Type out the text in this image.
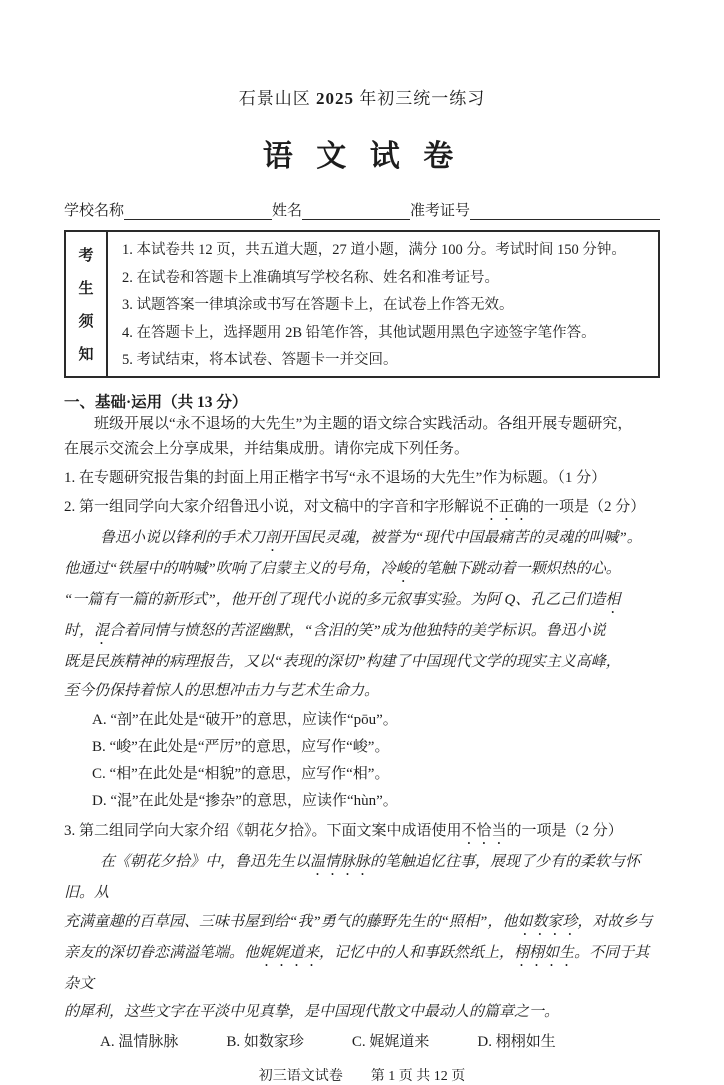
石景山区 2025 年初三统一练习
语 文 试 卷
学校名称	姓名	准考证号
考
生
须
知
1. 本试卷共 12 页，共五道大题，27 道小题，满分 100 分。考试时间 150 分钟。
2. 在试卷和答题卡上准确填写学校名称、姓名和准考证号。
3. 试题答案一律填涂或书写在答题卡上，在试卷上作答无效。
4. 在答题卡上，选择题用 2B 铅笔作答，其他试题用黑色字迹签字笔作答。
5. 考试结束，将本试卷、答题卡一并交回。
一、基础·运用（共 13 分）
班级开展以“永不退场的大先生”为主题的语文综合实践活动。各组开展专题研究，
在展示交流会上分享成果，并结集成册。请你完成下列任务。
1. 在专题研究报告集的封面上用正楷字书写“永不退场的大先生”作为标题。（1 分）
2. 第一组同学向大家介绍鲁迅小说，对文稿中的字音和字形解说不正确的一项是（2 分）
鲁迅小说以锋利的手术刀剖开国民灵魂，被誉为“现代中国最痛苦的灵魂的叫喊”。
他通过“铁屋中的呐喊”吹响了启蒙主义的号角，冷峻的笔触下跳动着一颗炽热的心。
“一篇有一篇的新形式”，他开创了现代小说的多元叙事实验。为阿 Q、孔乙己们造相
时，混合着同情与愤怒的苦涩幽默，“含泪的笑”成为他独特的美学标识。鲁迅小说
既是民族精神的病理报告，又以“表现的深切”构建了中国现代文学的现实主义高峰，
至今仍保持着惊人的思想冲击力与艺术生命力。
A. “剖”在此处是“破开”的意思，应读作“pōu”。
B. “峻”在此处是“严厉”的意思，应写作“峻”。
C. “相”在此处是“相貌”的意思，应写作“相”。
D. “混”在此处是“掺杂”的意思，应读作“hùn”。
3. 第二组同学向大家介绍《朝花夕拾》。下面文案中成语使用不恰当的一项是（2 分）
在《朝花夕拾》中，鲁迅先生以温情脉脉的笔触追忆往事，展现了少有的柔软与怀旧。从
充满童趣的百草园、三味书屋到给“我”勇气的藤野先生的“照相”，他如数家珍，对故乡与
亲友的深切眷恋满溢笔端。他娓娓道来，记忆中的人和事跃然纸上，栩栩如生。不同于其杂文
的犀利，这些文字在平淡中见真挚，是中国现代散文中最动人的篇章之一。
A. 温情脉脉	B. 如数家珍	C. 娓娓道来	D. 栩栩如生
初三语文试卷 第 1 页 共 12 页
